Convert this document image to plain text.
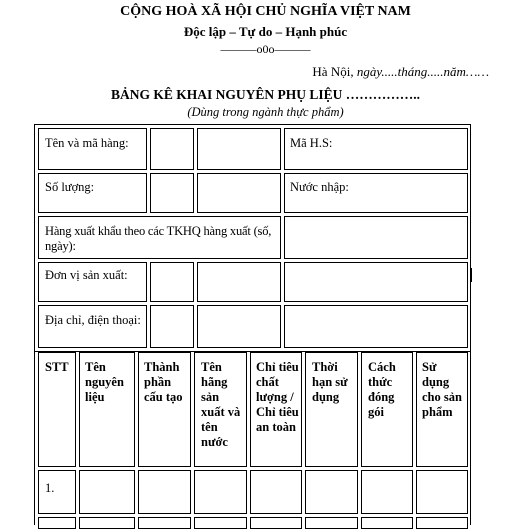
CỘNG HOÀ XÃ HỘI CHỦ NGHĨA VIỆT NAM
Độc lập – Tự do – Hạnh phúc
———o0o———
Hà Nội, ngày.....tháng.....năm……
BẢNG KÊ KHAI NGUYÊN PHỤ LIỆU ……………..
(Dùng trong ngành thực phẩm)
Tên và mã hàng:	Mã H.S:
Số lượng:	Nước nhập:
Hàng xuất khẩu theo các TKHQ hàng xuất (số, ngày):
Đơn vị sản xuất:
Địa chỉ, điện thoại:
STT Tên nguyên liệu
Thành phần cấu tạo
Tên hãng sản xuất và tên nước
Chỉ tiêu chất lượng / Chỉ tiêu an toàn
Thời hạn sử dụng
Cách thức đóng gói
Sử dụng cho sản phẩm
1.
